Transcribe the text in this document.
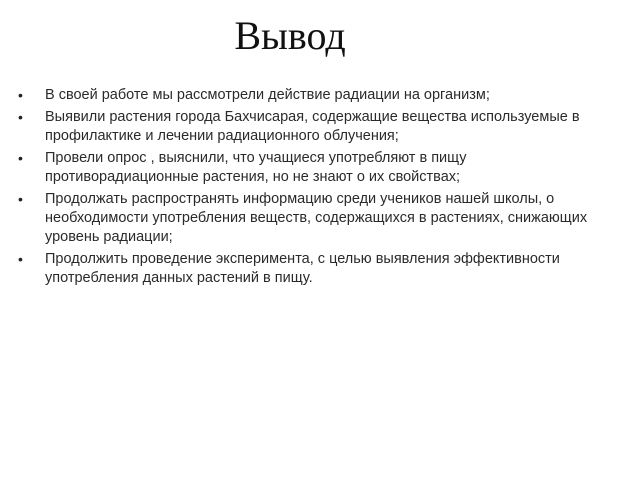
Вывод
• В своей работе мы рассмотрели действие радиации на организм;
• Выявили растения города Бахчисарая, содержащие вещества используемые в профилактике и лечении радиационного облучения;
• Провели опрос , выяснили, что учащиеся употребляют в пищу противорадиационные растения, но не знают о их свойствах;
• Продолжать распространять информацию среди учеников нашей школы, о необходимости употребления веществ, содержащихся в растениях, снижающих уровень радиации;
• Продолжить проведение эксперимента, с целью выявления эффективности употребления данных растений в пищу.
